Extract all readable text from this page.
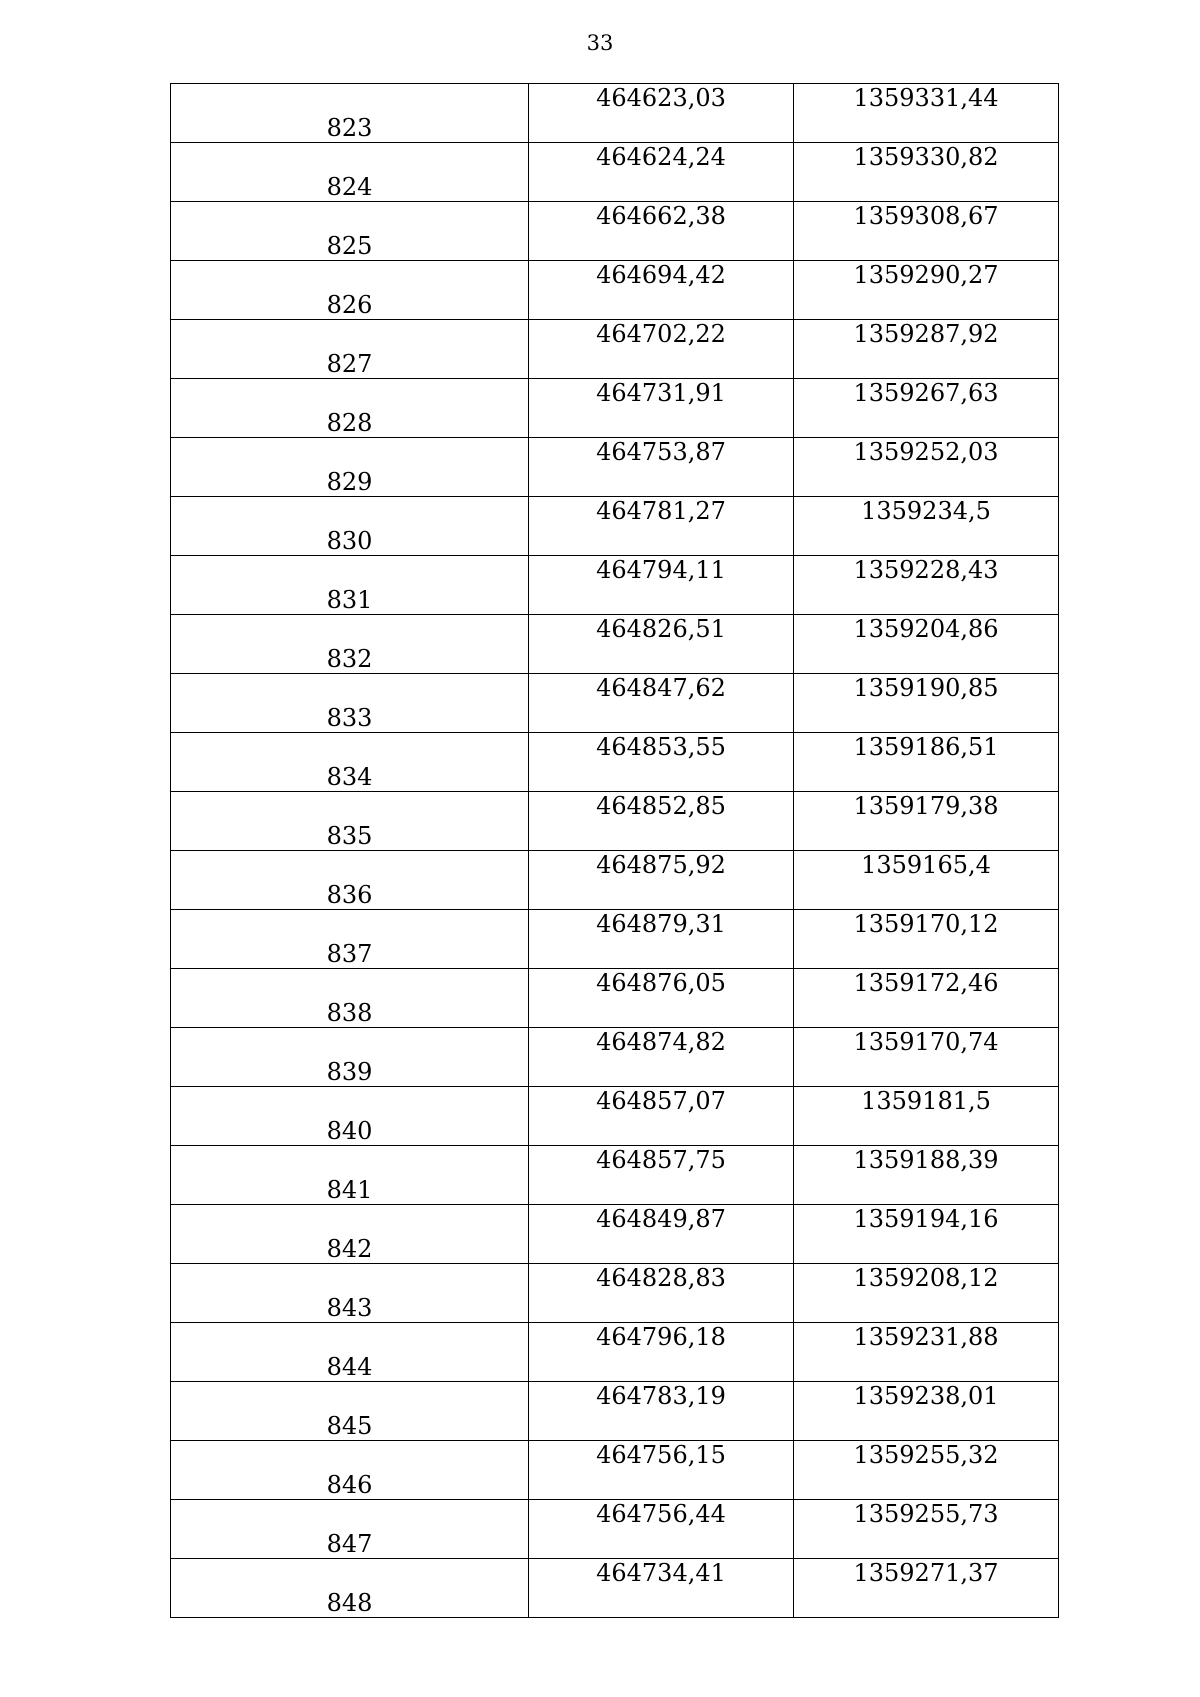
33
823	464623,03	1359331,44
824	464624,24	1359330,82
825	464662,38	1359308,67
826	464694,42	1359290,27
827	464702,22	1359287,92
828	464731,91	1359267,63
829	464753,87	1359252,03
830	464781,27	1359234,5
831	464794,11	1359228,43
832	464826,51	1359204,86
833	464847,62	1359190,85
834	464853,55	1359186,51
835	464852,85	1359179,38
836	464875,92	1359165,4
837	464879,31	1359170,12
838	464876,05	1359172,46
839	464874,82	1359170,74
840	464857,07	1359181,5
841	464857,75	1359188,39
842	464849,87	1359194,16
843	464828,83	1359208,12
844	464796,18	1359231,88
845	464783,19	1359238,01
846	464756,15	1359255,32
847	464756,44	1359255,73
848	464734,41	1359271,37
